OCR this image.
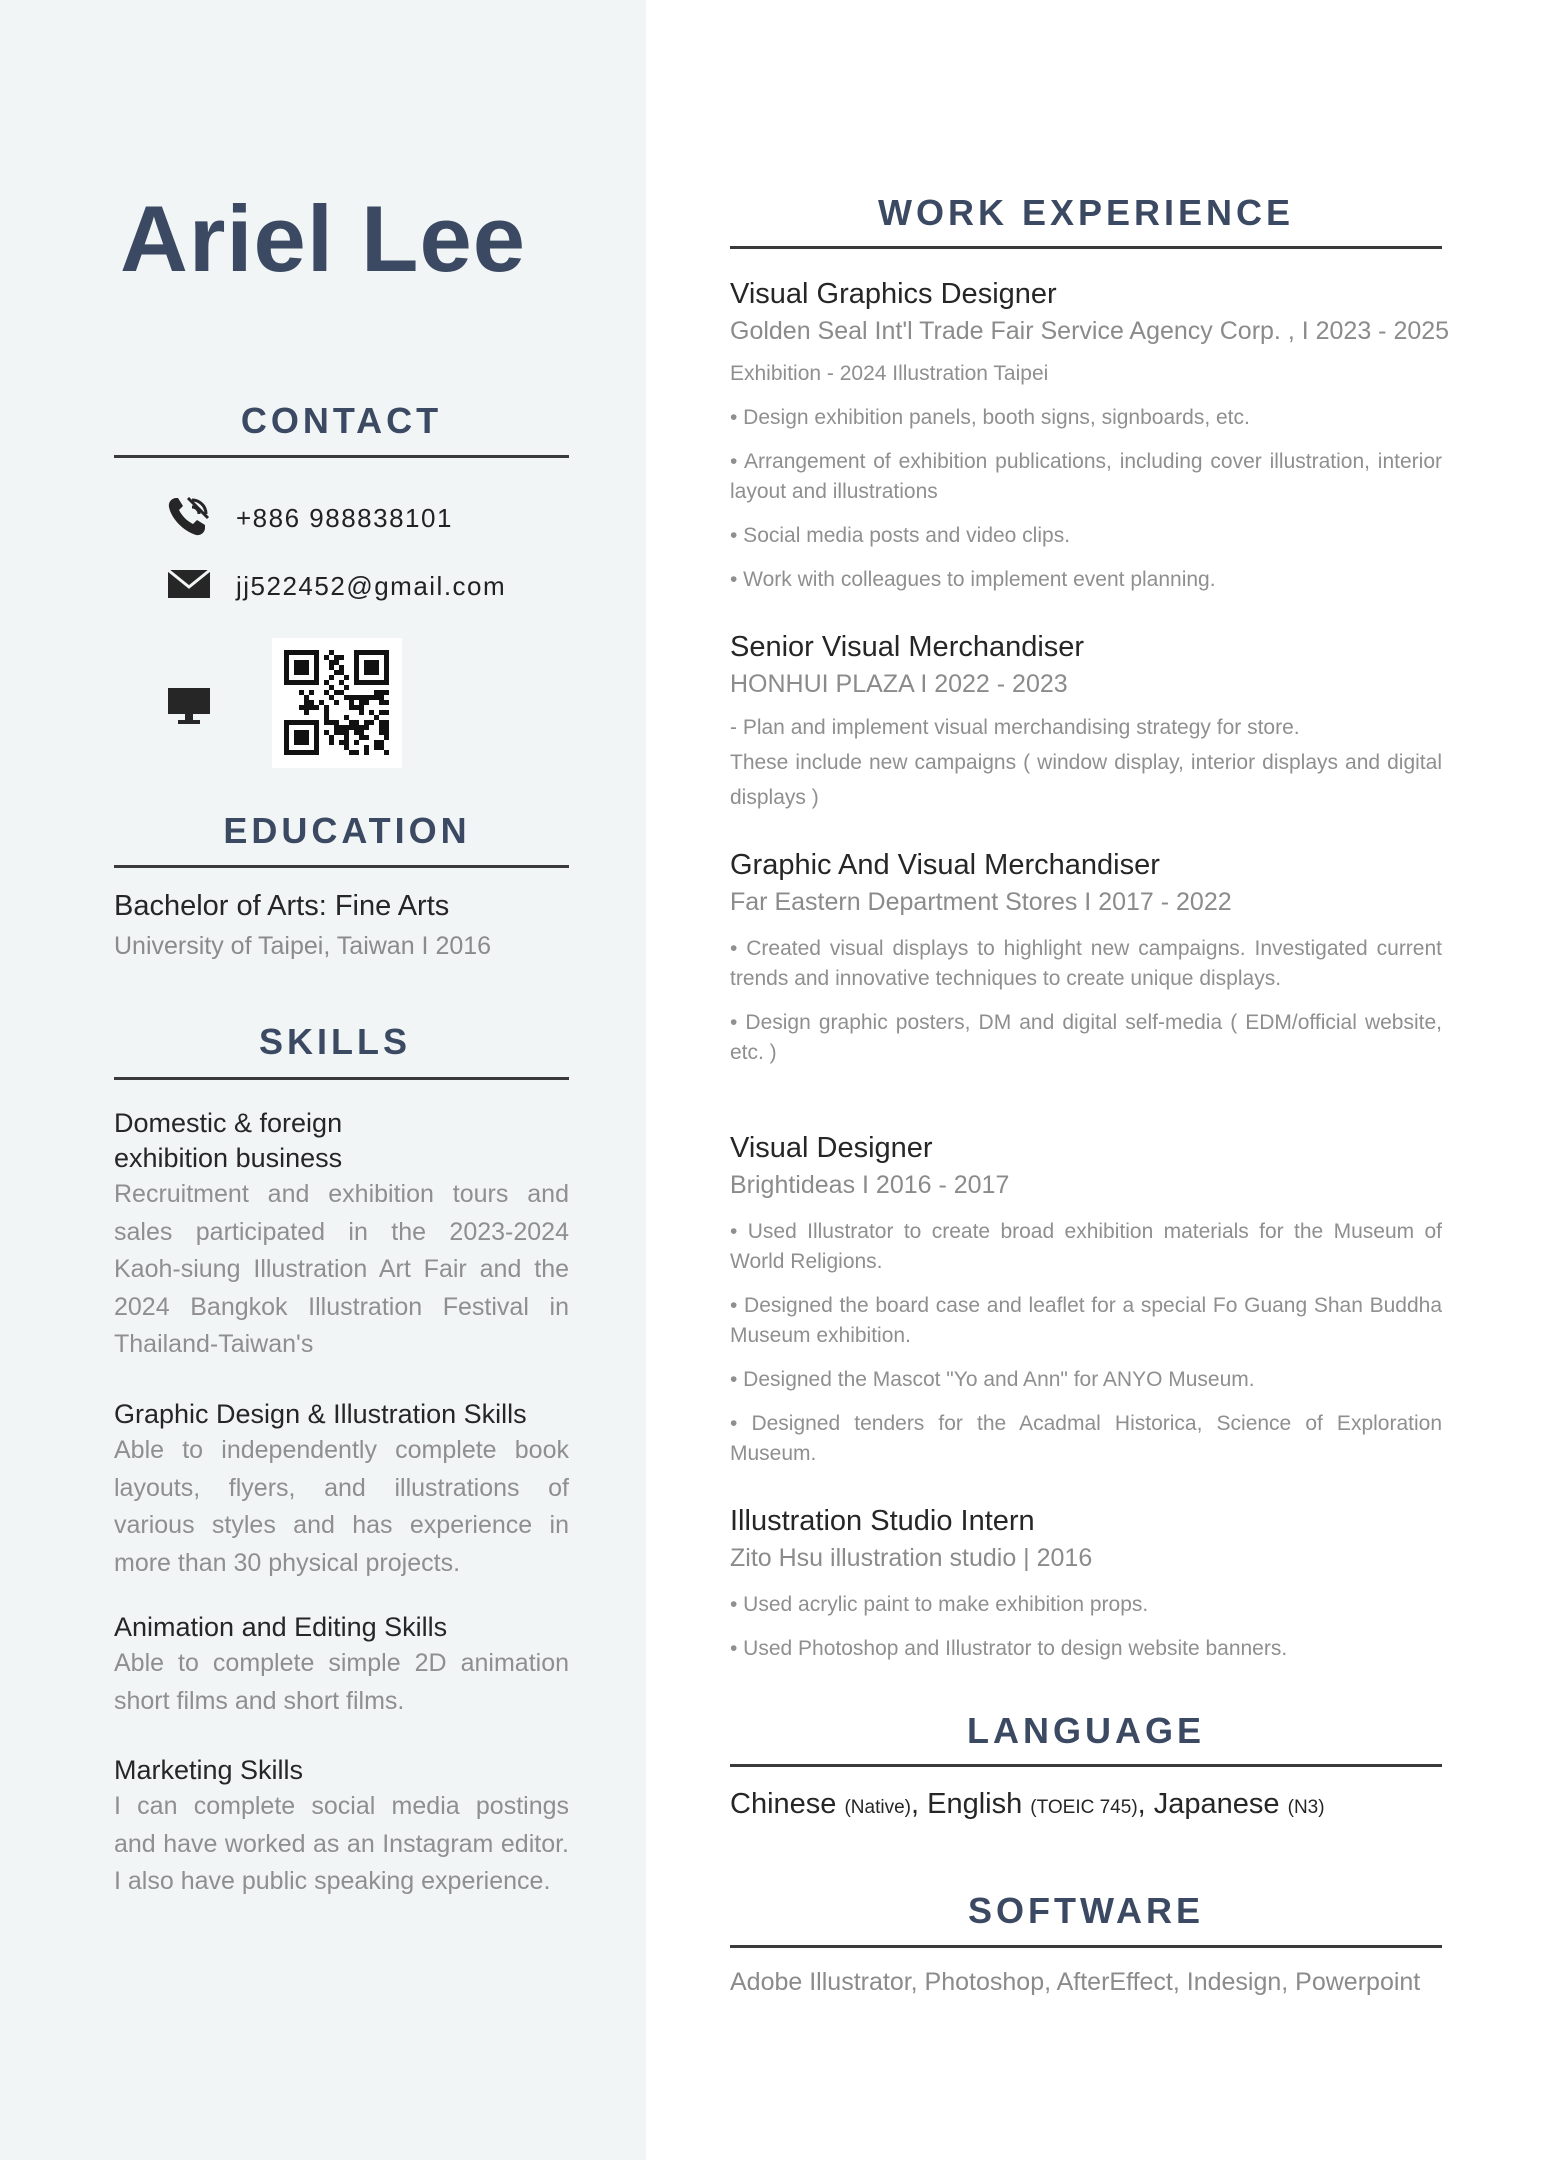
Ariel Lee
CONTACT
+886 988838101
jj522452@gmail.com
EDUCATION
Bachelor of Arts: Fine Arts
University of Taipei, Taiwan I 2016
SKILLS
Domestic & foreign exhibition business
Recruitment and exhibition tours and sales participated in the 2023-2024 Kaoh-siung Illustration Art Fair and the 2024 Bangkok Illustration Festival in Thailand-Taiwan's
Graphic Design & Illustration Skills
Able to independently complete book layouts, flyers, and illustrations of various styles and has experience in more than 30 physical projects.
Animation and Editing Skills
Able to complete simple 2D animation short films and short films.
Marketing Skills
I can complete social media postings and have worked as an Instagram editor. I also have public speaking experience.
WORK EXPERIENCE
Visual Graphics Designer
Golden Seal Int'l Trade Fair Service Agency Corp. , I 2023 - 2025
Exhibition - 2024 Illustration Taipei
• Design exhibition panels, booth signs, signboards, etc.
• Arrangement of exhibition publications, including cover illustration, interior layout and illustrations
• Social media posts and video clips.
• Work with colleagues to implement event planning.
Senior Visual Merchandiser
HONHUI PLAZA I 2022 - 2023
- Plan and implement visual merchandising strategy for store.
These include new campaigns ( window display, interior displays and digital displays )
Graphic And Visual Merchandiser
Far Eastern Department Stores I 2017 - 2022
• Created visual displays to highlight new campaigns. Investigated current trends and innovative techniques to create unique displays.
• Design graphic posters, DM and digital self-media ( EDM/official website, etc. )
Visual Designer
Brightideas I 2016 - 2017
• Used Illustrator to create broad exhibition materials for the Museum of World Religions.
• Designed the board case and leaflet for a special Fo Guang Shan Buddha Museum exhibition.
• Designed the Mascot "Yo and Ann" for ANYO Museum.
• Designed tenders for the Acadmal Historica, Science of Exploration Museum.
Illustration Studio Intern
Zito Hsu illustration studio | 2016
• Used acrylic paint to make exhibition props.
• Used Photoshop and Illustrator to design website banners.
LANGUAGE
Chinese (Native), English (TOEIC 745), Japanese (N3)
SOFTWARE
Adobe Illustrator, Photoshop, AfterEffect, Indesign, Powerpoint
